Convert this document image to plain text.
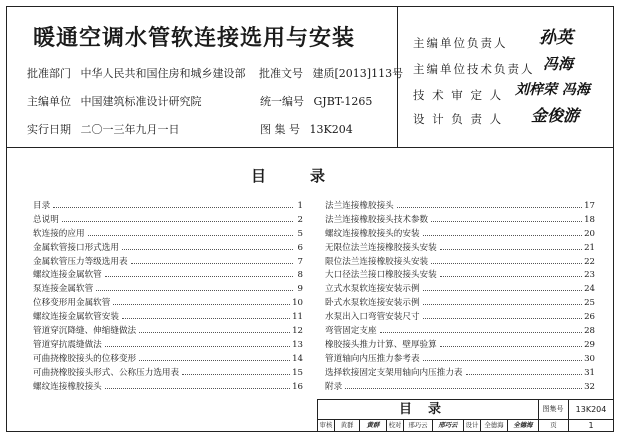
暖通空调水管软连接选用与安装
批准部门 中华人民共和国住房和城乡建设部 批准文号 建质[2013]113号
主编单位 中国建筑标准设计研究院	统一编号 GJBT-1265
实行日期 二〇一三年九月一日	图 集 号 13K204
主编单位负责人 孙英
主编单位技术负责人 冯海
技 术 审 定 人 刘梓荣 冯海
设 计 负 责 人 金俊游
目录
目录	1
总说明	2
软连接的应用	5
金属软管接口形式选用	6
金属软管压力等级选用表	7
螺纹连接金属软管	8
泵连接金属软管	9
位移变形用金属软管	10
螺纹连接金属软管安装	11
管道穿沉降缝、伸缩缝做法	12
管道穿抗震缝做法	13
可曲挠橡胶接头的位移变形	14
可曲挠橡胶接头形式、公称压力选用表	15
螺纹连接橡胶接头	16
法兰连接橡胶接头	17
法兰连接橡胶接头技术参数	18
螺纹连接橡胶接头的安装	20
无限位法兰连接橡胶接头安装	21
限位法兰连接橡胶接头安装	22
大口径法兰接口橡胶接头安装	23
立式水泵软连接安装示例	24
卧式水泵软连接安装示例	25
水泵出入口弯管安装尺寸	26
弯管固定支座	28
橡胶接头推力计算、壁厚验算	29
管道轴向内压推力参考表	30
选择软接固定支架用轴向内压推力表	31
附录	32
目录	图集号	13K204
审核	黄群	黄群	校对	邢巧云	邢巧云	设计 全德海	全德海	页	1
